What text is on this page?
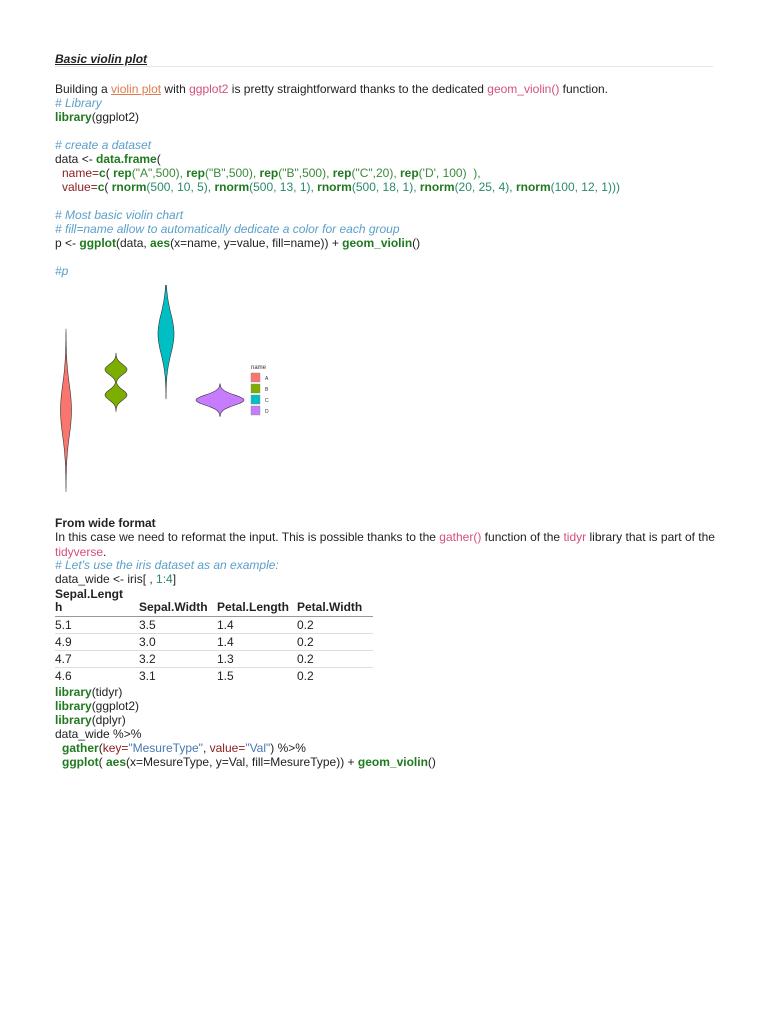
Basic violin plot
Building a violin plot with ggplot2 is pretty straightforward thanks to the dedicated geom_violin() function.
# Library
library(ggplot2)
# create a dataset
data <- data.frame(
name=c( rep("A",500), rep("B",500), rep("B",500), rep("C",20), rep('D', 100)  ),
value=c( rnorm(500, 10, 5), rnorm(500, 13, 1), rnorm(500, 18, 1), rnorm(20, 25, 4), rnorm(100, 12, 1)))
# Most basic violin chart
# fill=name allow to automatically dedicate a color for each group
p <- ggplot(data, aes(x=name, y=value, fill=name)) + geom_violin()
#p
From wide format
In this case we need to reformat the input. This is possible thanks to the gather() function of the tidyr library that is part of the tidyverse.
# Let's use the iris dataset as an example:
data_wide <- iris[ , 1:4]
Sepal.Lengt
h	Sepal.Width	Petal.Length	Petal.Width
5.1	3.5	1.4	0.2
4.9	3.0	1.4	0.2
4.7	3.2	1.3	0.2
4.6	3.1	1.5	0.2
library(tidyr)
library(ggplot2)
library(dplyr)
data_wide %>%
gather(key="MesureType", value="Val") %>%
ggplot( aes(x=MesureType, y=Val, fill=MesureType)) + geom_violin()
name
A
B
C
D
